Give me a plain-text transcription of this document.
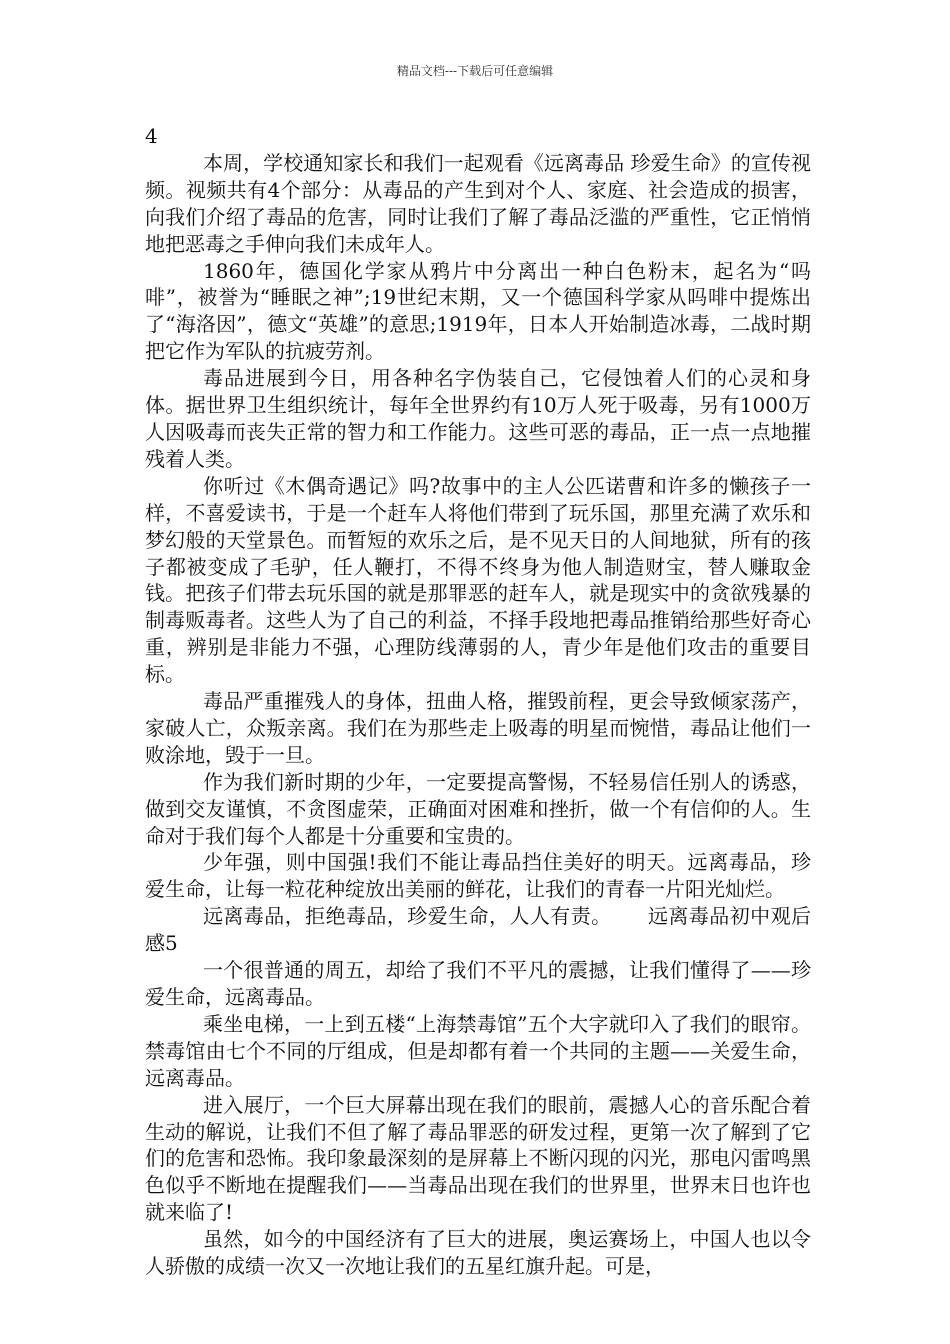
精品文档---下载后可任意编辑

4

本周，学校通知家长和我们一起观看《远离毒品 珍爱生命》的宣传视频。视频共有4个部分：从毒品的产生到对个人、家庭、社会造成的损害，向我们介绍了毒品的危害，同时让我们了解了毒品泛滥的严重性，它正悄悄地把恶毒之手伸向我们未成年人。

1860年，德国化学家从鸦片中分离出一种白色粉末，起名为“吗啡”，被誉为“睡眠之神”;19世纪末期，又一个德国科学家从吗啡中提炼出了“海洛因”，德文“英雄”的意思;1919年，日本人开始制造冰毒，二战时期把它作为军队的抗疲劳剂。

毒品进展到今日，用各种名字伪装自己，它侵蚀着人们的心灵和身体。据世界卫生组织统计，每年全世界约有10万人死于吸毒，另有1000万人因吸毒而丧失正常的智力和工作能力。这些可恶的毒品，正一点一点地摧残着人类。

你听过《木偶奇遇记》吗?故事中的主人公匹诺曹和许多的懒孩子一样，不喜爱读书，于是一个赶车人将他们带到了玩乐国，那里充满了欢乐和梦幻般的天堂景色。而暂短的欢乐之后，是不见天日的人间地狱，所有的孩子都被变成了毛驴，任人鞭打，不得不终身为他人制造财宝，替人赚取金钱。把孩子们带去玩乐国的就是那罪恶的赶车人，就是现实中的贪欲残暴的制毒贩毒者。这些人为了自己的利益，不择手段地把毒品推销给那些好奇心重，辨别是非能力不强，心理防线薄弱的人，青少年是他们攻击的重要目标。

毒品严重摧残人的身体，扭曲人格，摧毁前程，更会导致倾家荡产，家破人亡，众叛亲离。我们在为那些走上吸毒的明星而惋惜，毒品让他们一败涂地，毁于一旦。

作为我们新时期的少年，一定要提高警惕，不轻易信任别人的诱惑，做到交友谨慎，不贪图虚荣，正确面对困难和挫折，做一个有信仰的人。生命对于我们每个人都是十分重要和宝贵的。

少年强，则中国强!我们不能让毒品挡住美好的明天。远离毒品，珍爱生命，让每一粒花种绽放出美丽的鲜花，让我们的青春一片阳光灿烂。

远离毒品，拒绝毒品，珍爱生命，人人有责。 远离毒品初中观后感5

一个很普通的周五，却给了我们不平凡的震撼，让我们懂得了——珍爱生命，远离毒品。

乘坐电梯，一上到五楼“上海禁毒馆”五个大字就印入了我们的眼帘。禁毒馆由七个不同的厅组成，但是却都有着一个共同的主题——关爱生命，远离毒品。

进入展厅，一个巨大屏幕出现在我们的眼前，震撼人心的音乐配合着生动的解说，让我们不但了解了毒品罪恶的研发过程，更第一次了解到了它们的危害和恐怖。我印象最深刻的是屏幕上不断闪现的闪光，那电闪雷鸣黑色似乎不断地在提醒我们——当毒品出现在我们的世界里，世界末日也许也就来临了!

虽然，如今的中国经济有了巨大的进展，奥运赛场上，中国人也以令人骄傲的成绩一次又一次地让我们的五星红旗升起。可是，
